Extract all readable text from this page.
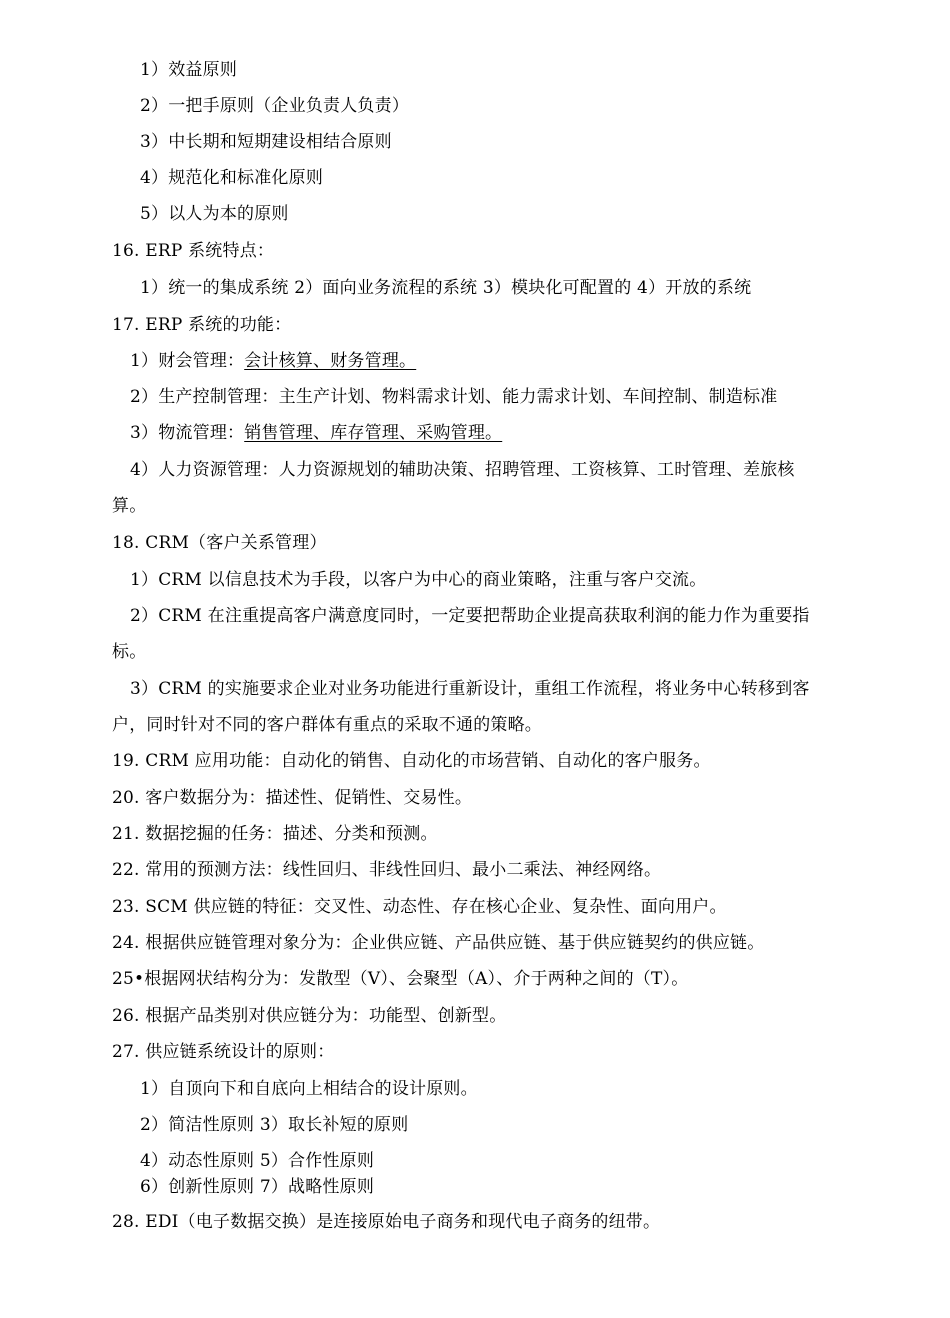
1）效益原则
2）一把手原则（企业负责人负责）
3）中长期和短期建设相结合原则
4）规范化和标准化原则
5）以人为本的原则
16. ERP 系统特点：
1）统一的集成系统 2）面向业务流程的系统 3）模块化可配置的 4）开放的系统
17. ERP 系统的功能：
1）财会管理：会计核算、财务管理。
2）生产控制管理：主生产计划、物料需求计划、能力需求计划、车间控制、制造标准
3）物流管理：销售管理、库存管理、采购管理。
4）人力资源管理：人力资源规划的辅助决策、招聘管理、工资核算、工时管理、差旅核
算。
18. CRM（客户关系管理）
1）CRM 以信息技术为手段，以客户为中心的商业策略，注重与客户交流。
2）CRM 在注重提高客户满意度同时，一定要把帮助企业提高获取利润的能力作为重要指
标。
3）CRM 的实施要求企业对业务功能进行重新设计，重组工作流程，将业务中心转移到客
户，同时针对不同的客户群体有重点的采取不通的策略。
19. CRM 应用功能：自动化的销售、自动化的市场营销、自动化的客户服务。
20. 客户数据分为：描述性、促销性、交易性。
21. 数据挖掘的任务：描述、分类和预测。
22. 常用的预测方法：线性回归、非线性回归、最小二乘法、神经网络。
23. SCM 供应链的特征：交叉性、动态性、存在核心企业、复杂性、面向用户。
24. 根据供应链管理对象分为：企业供应链、产品供应链、基于供应链契约的供应链。
25•根据网状结构分为：发散型（V）、会聚型（A）、介于两种之间的（T）。
26. 根据产品类别对供应链分为：功能型、创新型。
27. 供应链系统设计的原则：
1）自顶向下和自底向上相结合的设计原则。
2）简洁性原则 3）取长补短的原则
4）动态性原则 5）合作性原则
6）创新性原则 7）战略性原则
28. EDI（电子数据交换）是连接原始电子商务和现代电子商务的纽带。
